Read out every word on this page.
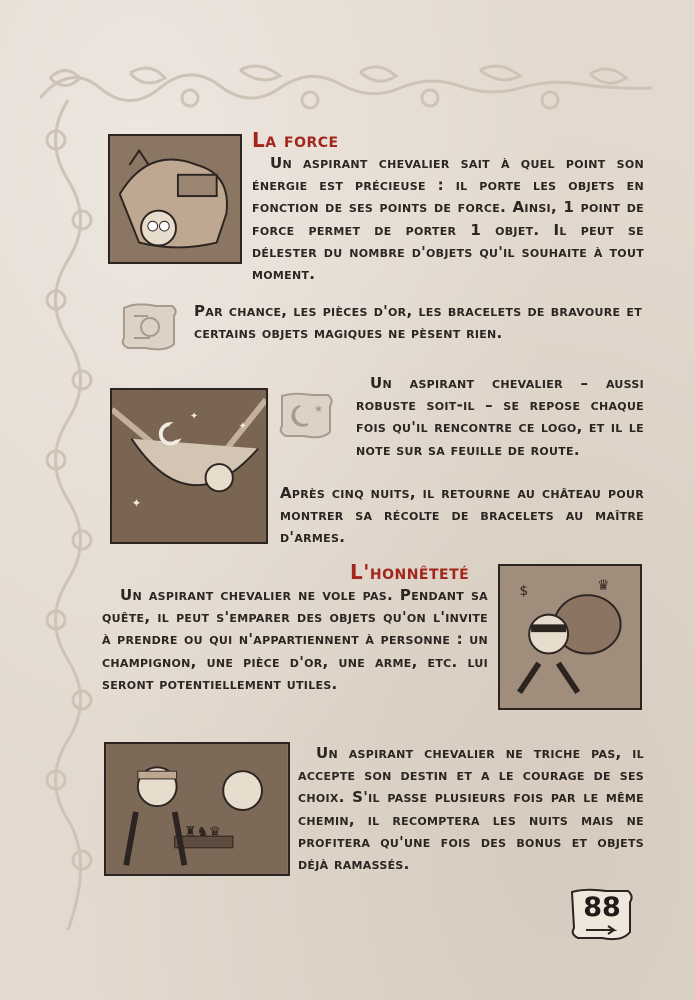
La force
Un aspirant chevalier sait à quel point son énergie est précieuse : il porte les objets en fonction de ses points de force. Ainsi, 1 point de force permet de porter 1 objet. Il peut se délester du nombre d'objets qu'il souhaite à tout moment.
Par chance, les pièces d'or, les bracelets de bravoure et certains objets magiques ne pèsent rien.
✦
✦
✦
★
Un aspirant chevalier – aussi robuste soit-il – se repose chaque fois qu'il rencontre ce logo, et il le note sur sa feuille de route.
Après cinq nuits, il retourne au château pour montrer sa récolte de bracelets au maître d'armes.
L'honnêteté
Un aspirant chevalier ne vole pas. Pendant sa quête, il peut s'emparer des objets qu'on l'invite à prendre ou qui n'appartiennent à personne : un champignon, une pièce d'or, une arme, etc. lui seront potentiellement utiles.
♛
$
♜♞♛
Un aspirant chevalier ne triche pas, il accepte son destin et a le courage de ses choix. S'il passe plusieurs fois par le même chemin, il recomptera les nuits mais ne profitera qu'une fois des bonus et objets déjà ramassés.
88
